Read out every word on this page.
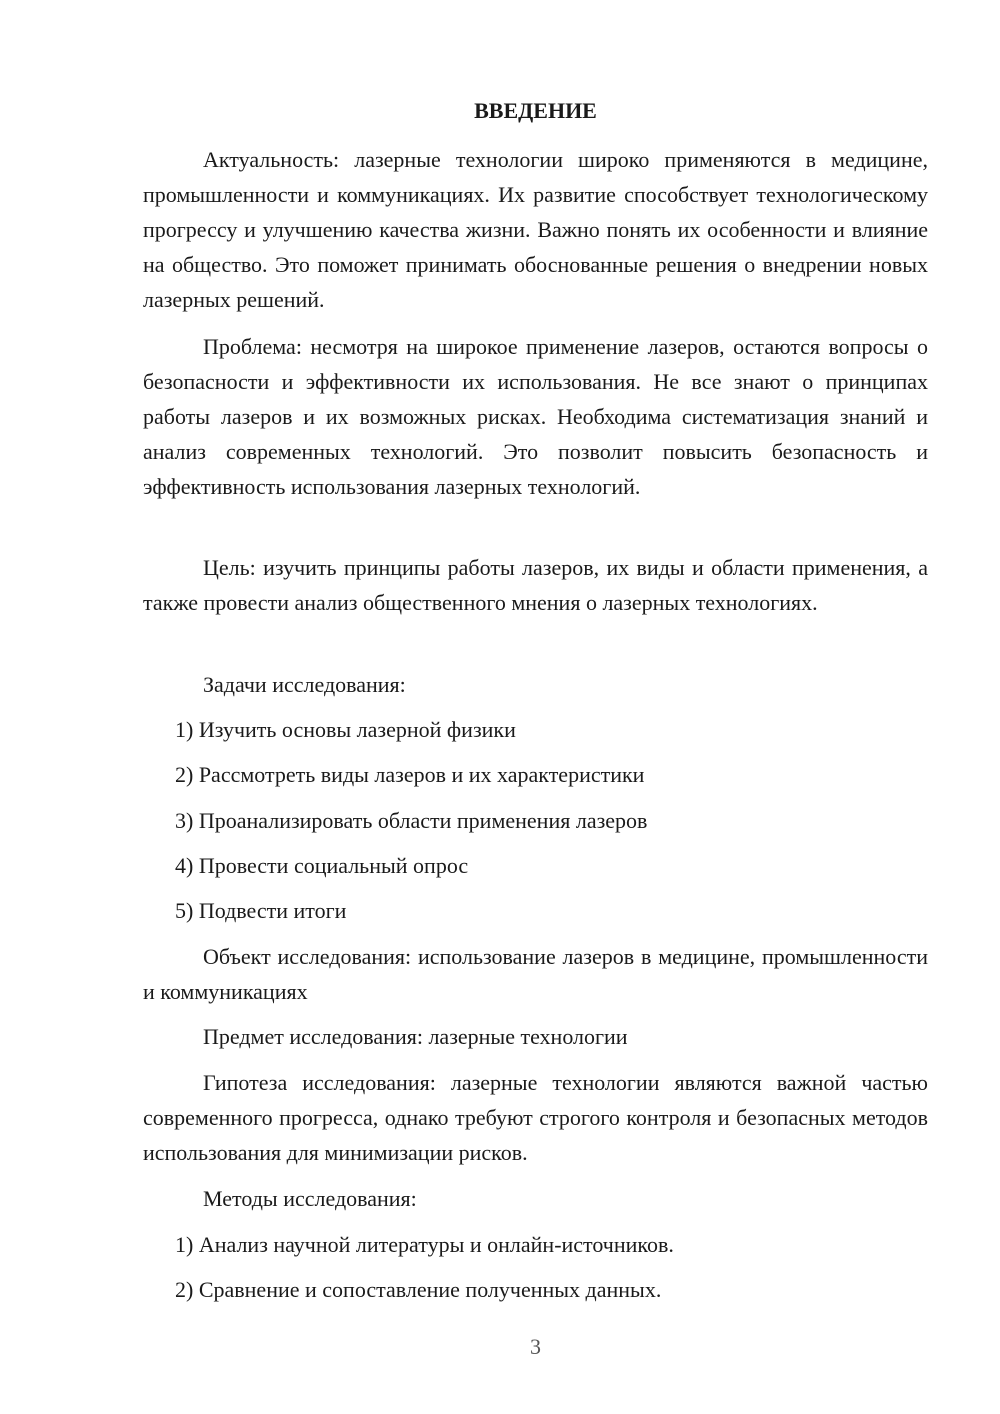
ВВЕДЕНИЕ

Актуальность: лазерные технологии широко применяются в медицине, промышленности и коммуникациях. Их развитие способствует технологическому прогрессу и улучшению качества жизни. Важно понять их особенности и влияние на общество. Это поможет принимать обоснованные решения о внедрении новых лазерных решений.

Проблема: несмотря на широкое применение лазеров, остаются вопросы о безопасности и эффективности их использования. Не все знают о принципах работы лазеров и их возможных рисках. Необходима систематизация знаний и анализ современных технологий. Это позволит повысить безопасность и эффективность использования лазерных технологий.

Цель: изучить принципы работы лазеров, их виды и области применения, а также провести анализ общественного мнения о лазерных технологиях.

Задачи исследования:
1) Изучить основы лазерной физики
2) Рассмотреть виды лазеров и их характеристики
3) Проанализировать области применения лазеров
4) Провести социальный опрос
5) Подвести итоги

Объект исследования: использование лазеров в медицине, промышленности и коммуникациях

Предмет исследования: лазерные технологии

Гипотеза исследования: лазерные технологии являются важной частью современного прогресса, однако требуют строгого контроля и безопасных методов использования для минимизации рисков.

Методы исследования:
1) Анализ научной литературы и онлайн-источников.
2) Сравнение и сопоставление полученных данных.
3
